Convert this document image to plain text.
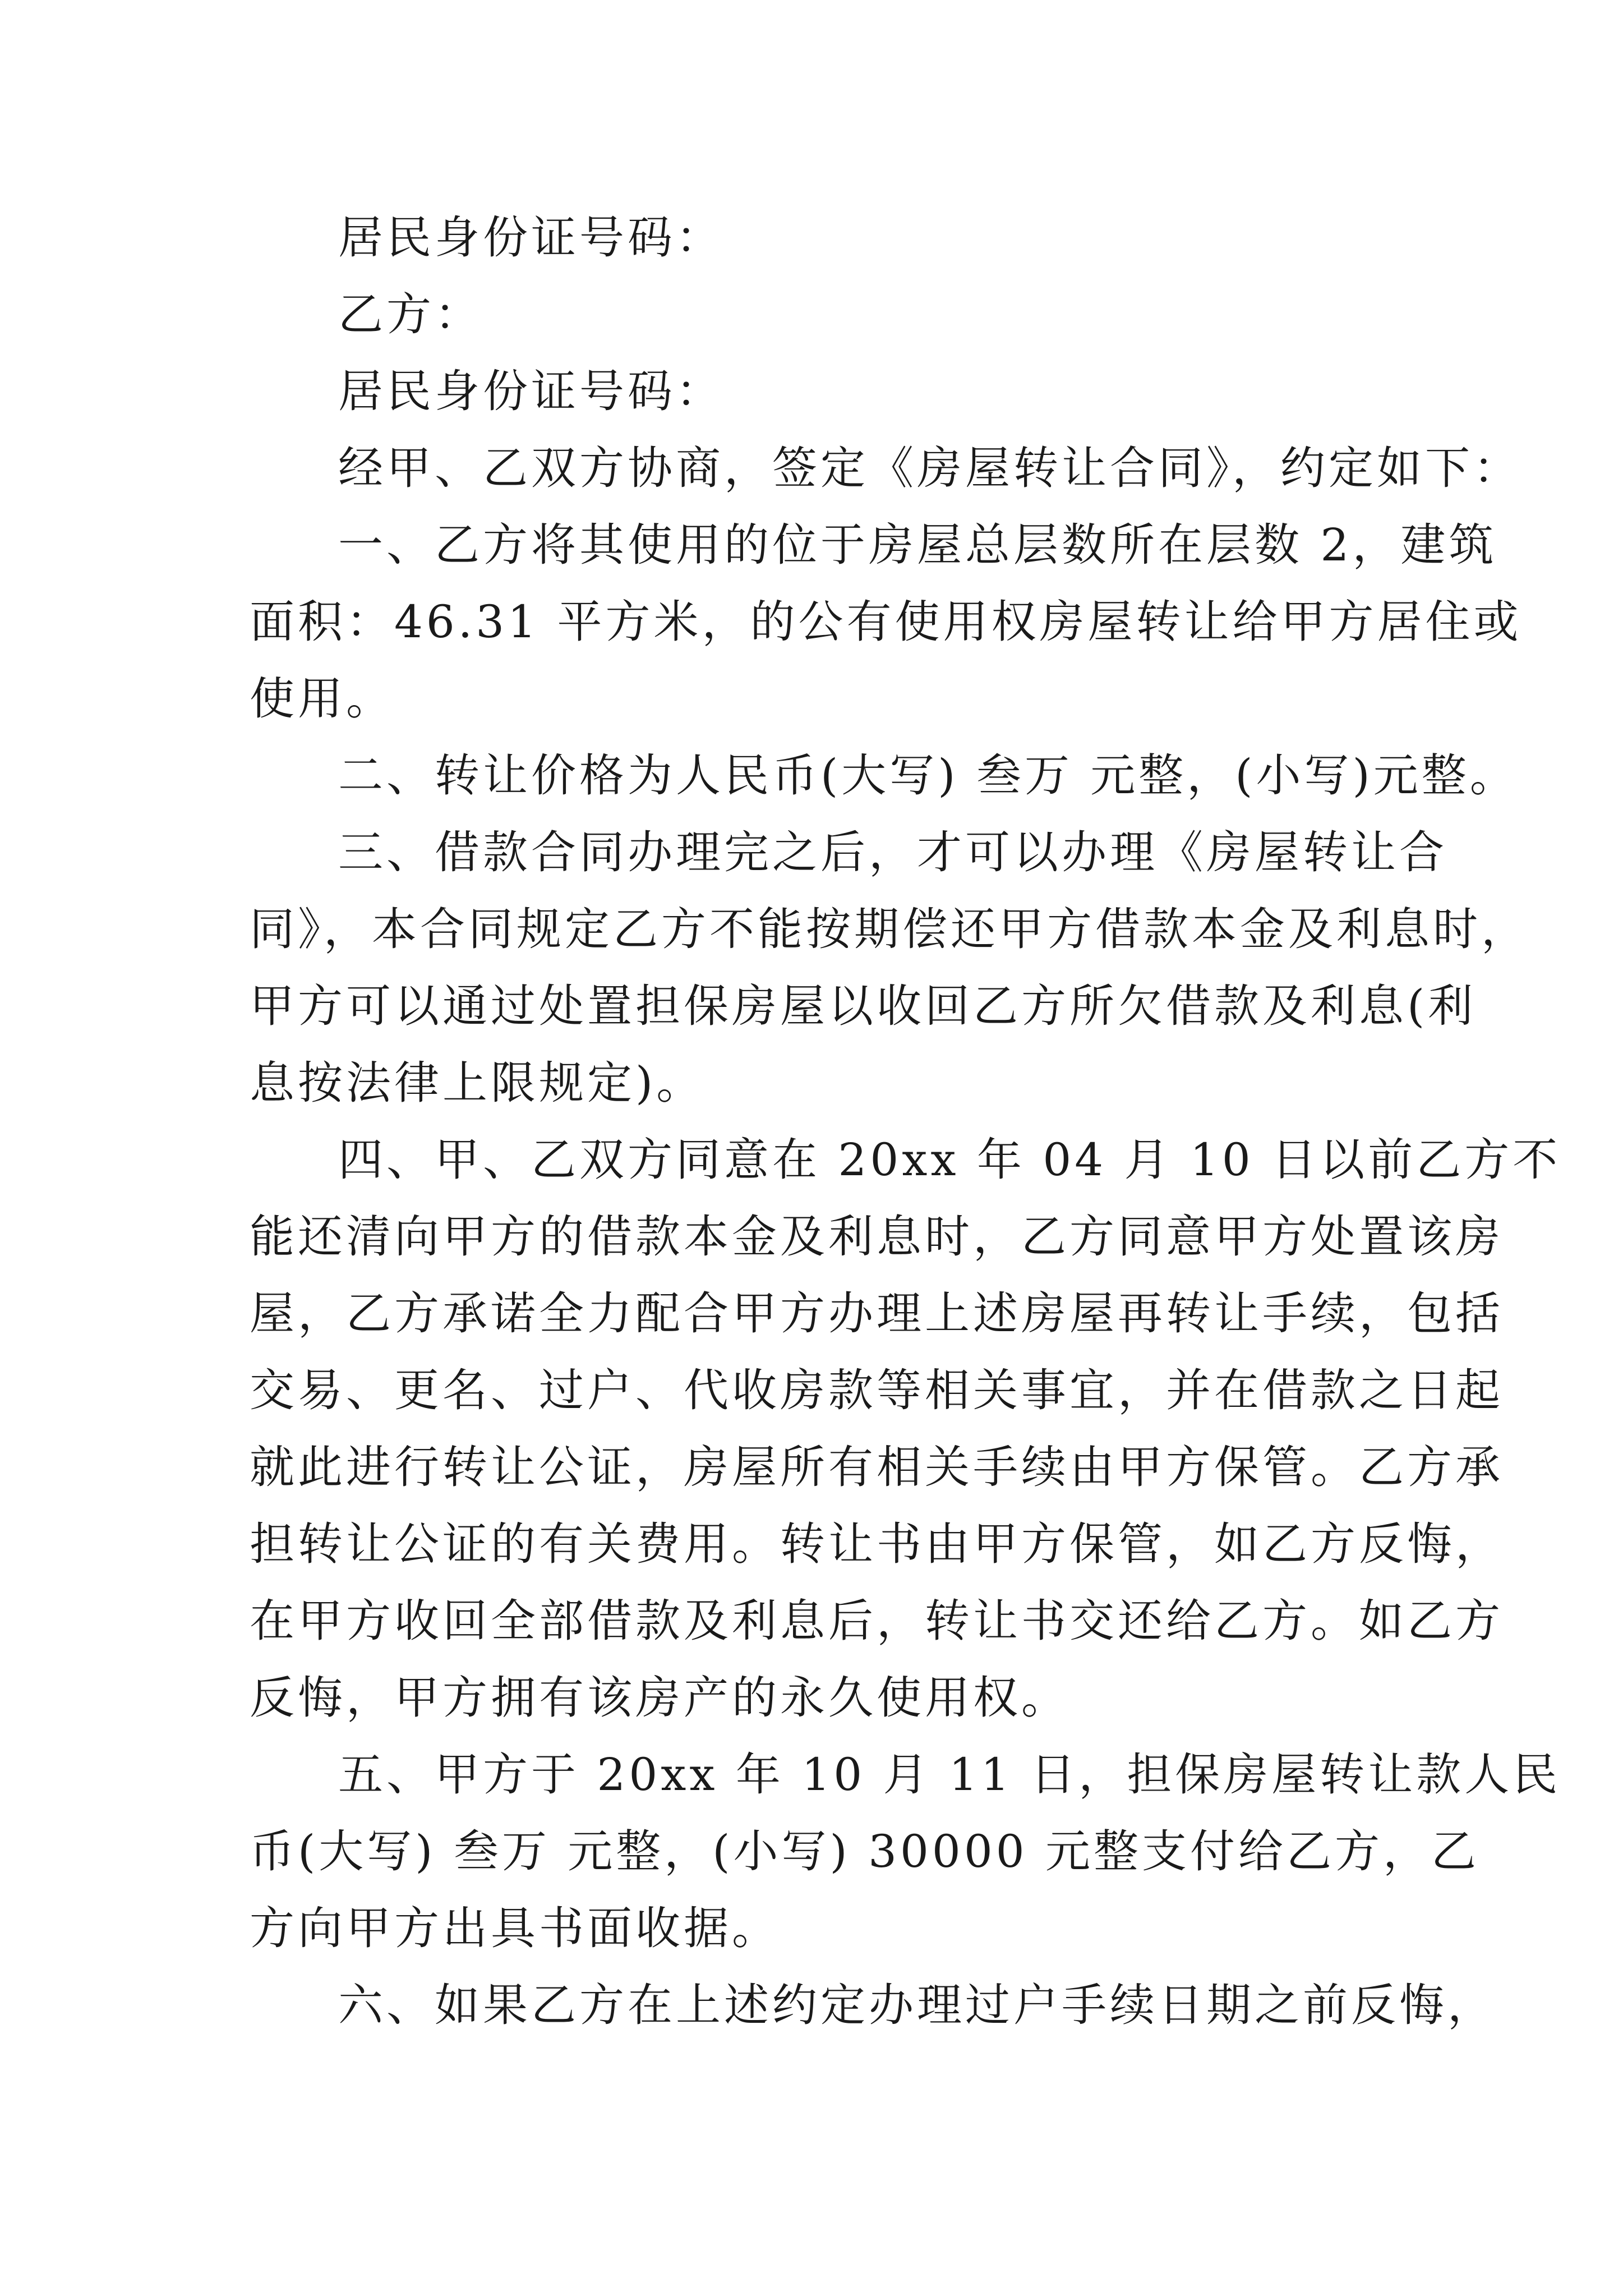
居民身份证号码：

乙方：

居民身份证号码：

经甲、乙双方协商，签定《房屋转让合同》，约定如下：

一、乙方将其使用的位于房屋总层数所在层数 2，建筑

面积：46.31 平方米，的公有使用权房屋转让给甲方居住或

使用。

二、转让价格为人民币(大写) 叁万 元整，(小写)元整。

三、借款合同办理完之后，才可以办理《房屋转让合

同》，本合同规定乙方不能按期偿还甲方借款本金及利息时，

甲方可以通过处置担保房屋以收回乙方所欠借款及利息(利

息按法律上限规定)。

四、甲、乙双方同意在 20xx 年 04 月 10 日以前乙方不

能还清向甲方的借款本金及利息时，乙方同意甲方处置该房

屋，乙方承诺全力配合甲方办理上述房屋再转让手续，包括

交易、更名、过户、代收房款等相关事宜，并在借款之日起

就此进行转让公证，房屋所有相关手续由甲方保管。乙方承

担转让公证的有关费用。转让书由甲方保管，如乙方反悔，

在甲方收回全部借款及利息后，转让书交还给乙方。如乙方

反悔，甲方拥有该房产的永久使用权。

五、甲方于 20xx 年 10 月 11 日，担保房屋转让款人民

币(大写) 叁万 元整，(小写) 30000 元整支付给乙方，乙

方向甲方出具书面收据。

六、如果乙方在上述约定办理过户手续日期之前反悔，
